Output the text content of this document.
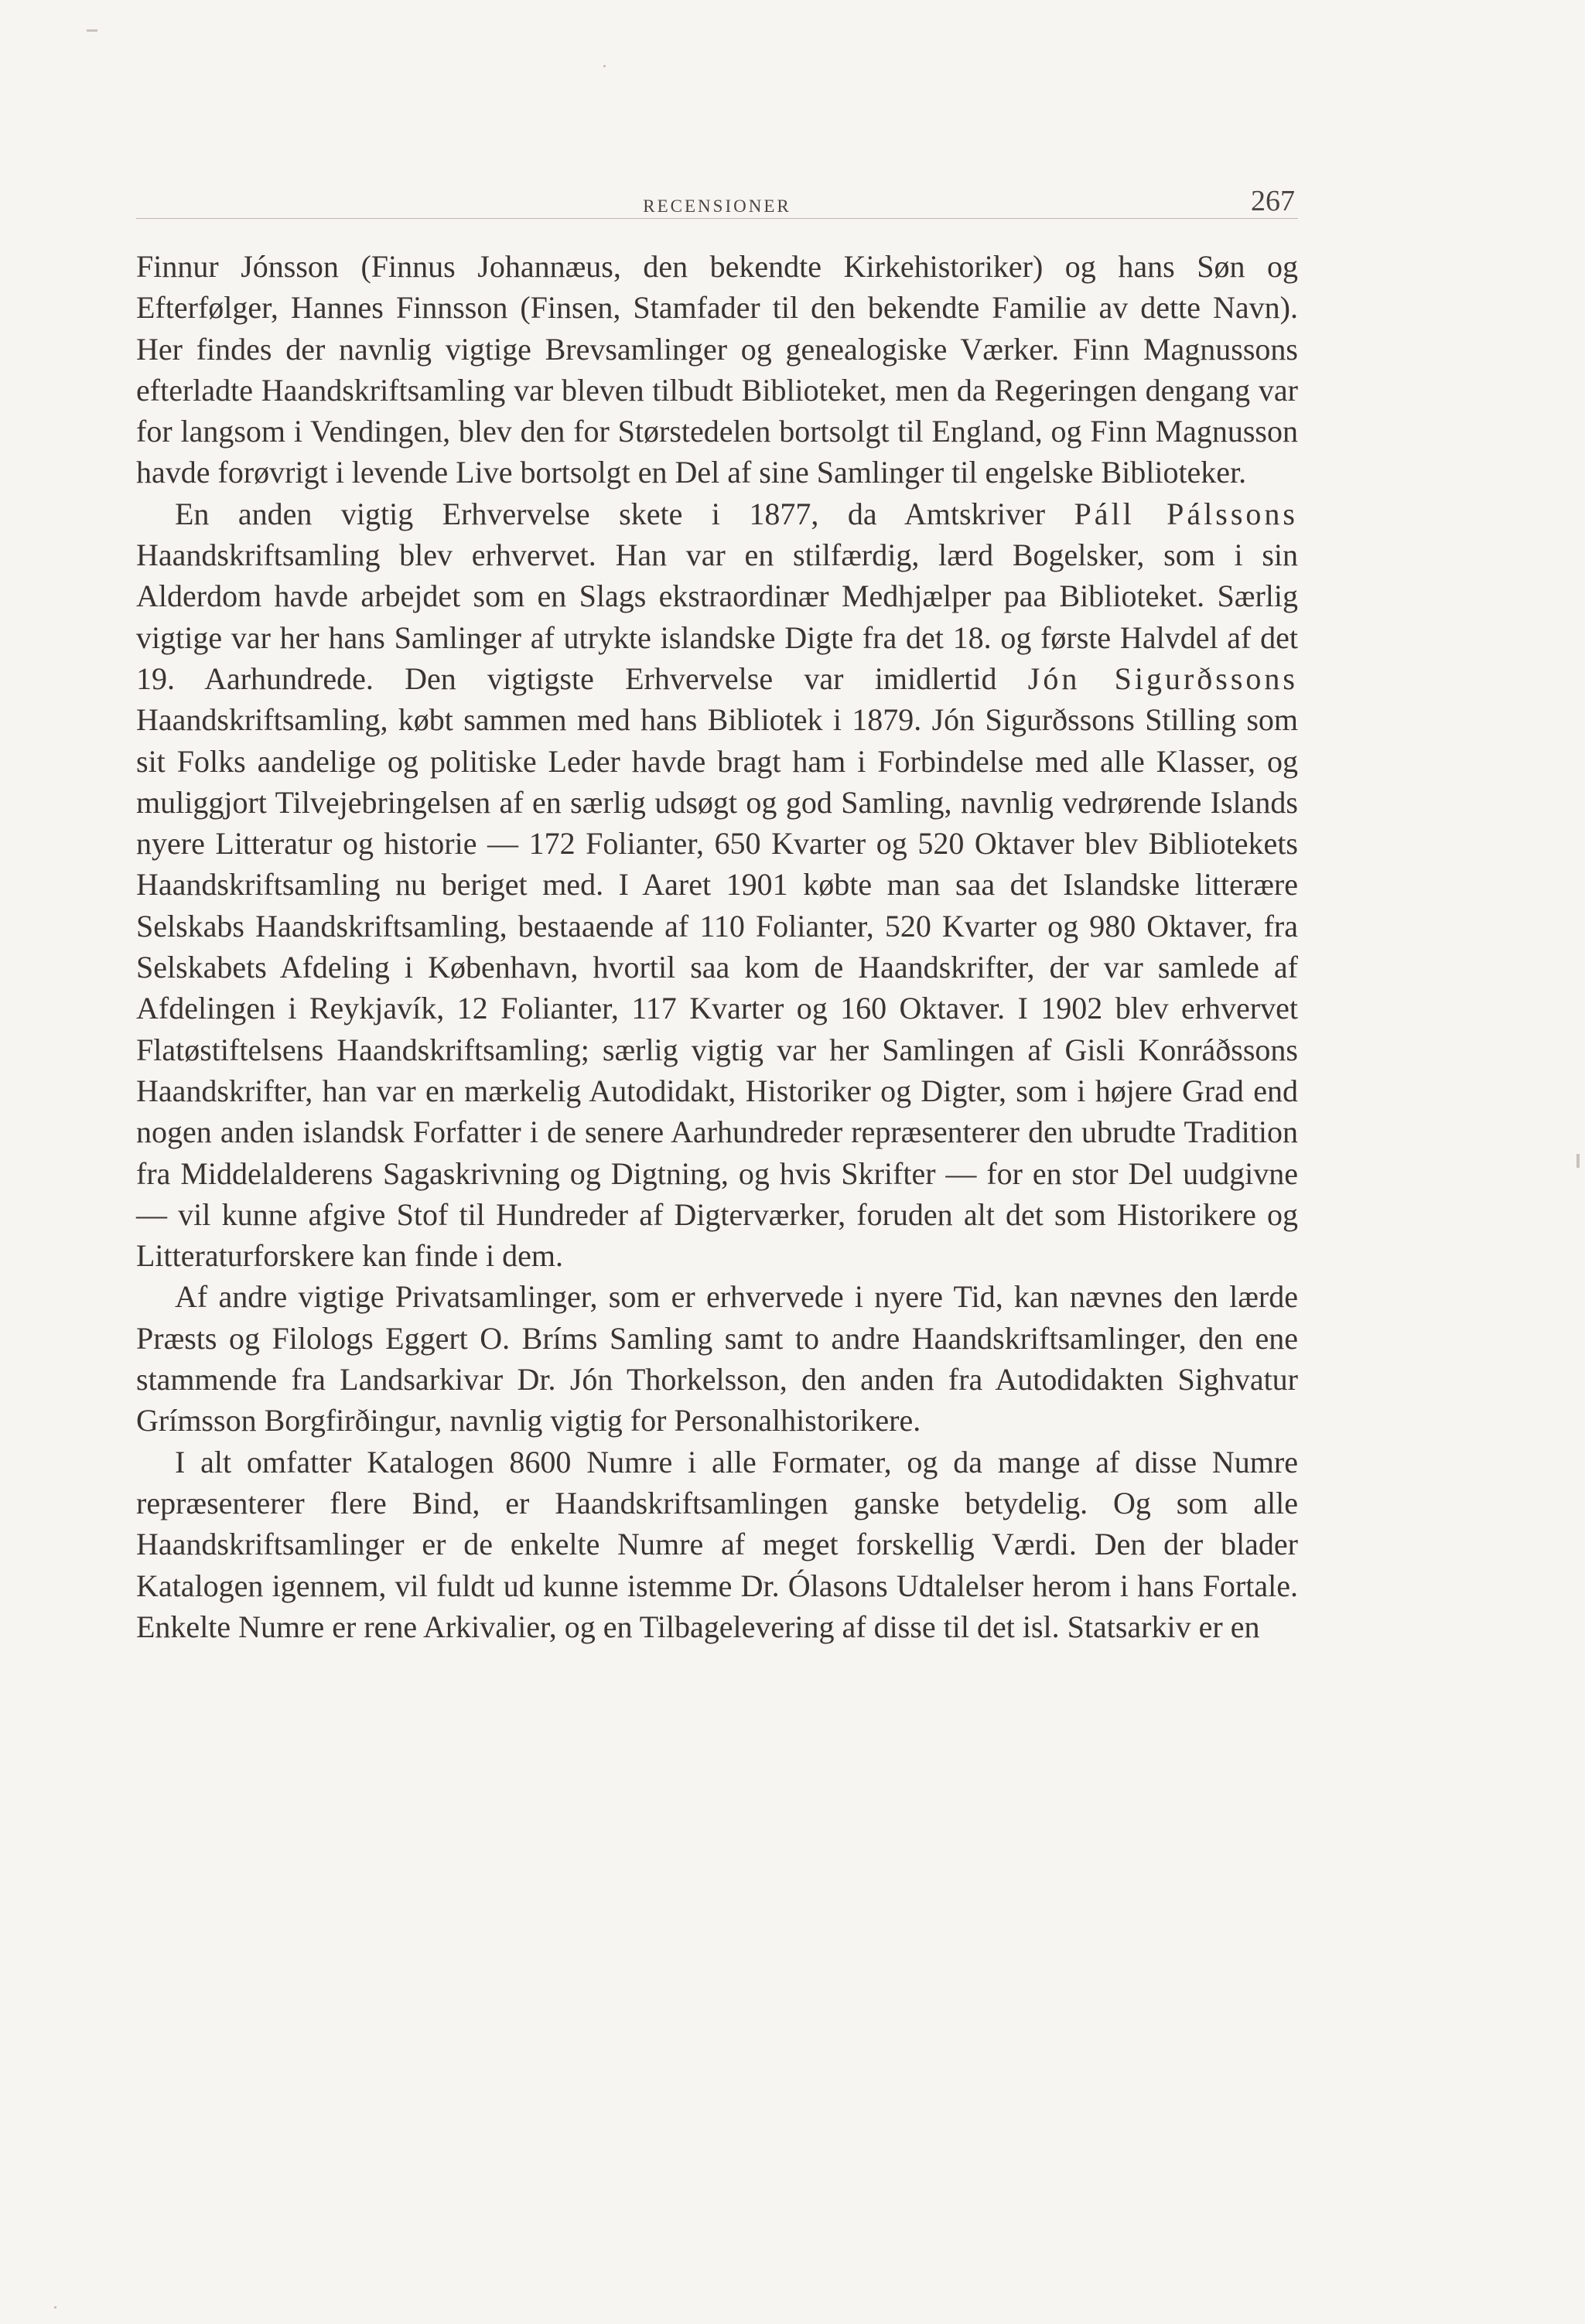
RECENSIONER	267

Finnur Jónsson (Finnus Johannæus, den bekendte Kirkehistoriker) og hans Søn og Efterfølger, Hannes Finnsson (Finsen, Stamfader til den bekendte Familie av dette Navn). Her findes der navnlig vigtige Brevsamlinger og genealogiske Værker. Finn Magnussons efterladte Haandskriftsamling var bleven tilbudt Biblioteket, men da Regeringen dengang var for langsom i Vendingen, blev den for Størstedelen bortsolgt til England, og Finn Magnusson havde forøvrigt i levende Live bortsolgt en Del af sine Samlinger til engelske Biblioteker.

En anden vigtig Erhvervelse skete i 1877, da Amtskriver Páll Pálssons Haandskriftsamling blev erhvervet. Han var en stilfærdig, lærd Bogelsker, som i sin Alderdom havde arbejdet som en Slags ekstraordinær Medhjælper paa Biblioteket. Særlig vigtige var her hans Samlinger af utrykte islandske Digte fra det 18. og første Halvdel af det 19. Aarhundrede. Den vigtigste Erhvervelse var imidlertid Jón Sigurðssons Haandskriftsamling, købt sammen med hans Bibliotek i 1879. Jón Sigurðssons Stilling som sit Folks aandelige og politiske Leder havde bragt ham i Forbindelse med alle Klasser, og muliggjort Tilvejebringelsen af en særlig udsøgt og god Samling, navnlig vedrørende Islands nyere Litteratur og historie — 172 Folianter, 650 Kvarter og 520 Oktaver blev Bibliotekets Haandskriftsamling nu beriget med. I Aaret 1901 købte man saa det Islandske litterære Selskabs Haandskriftsamling, bestaaende af 110 Folianter, 520 Kvarter og 980 Oktaver, fra Selskabets Afdeling i København, hvortil saa kom de Haandskrifter, der var samlede af Afdelingen i Reykjavík, 12 Folianter, 117 Kvarter og 160 Oktaver. I 1902 blev erhvervet Flatøstiftelsens Haandskriftsamling; særlig vigtig var her Samlingen af Gisli Konráðssons Haandskrifter, han var en mærkelig Autodidakt, Historiker og Digter, som i højere Grad end nogen anden islandsk Forfatter i de senere Aarhundreder repræsenterer den ubrudte Tradition fra Middelalderens Sagaskrivning og Digtning, og hvis Skrifter — for en stor Del uudgivne — vil kunne afgive Stof til Hundreder af Digterværker, foruden alt det som Historikere og Litteraturforskere kan finde i dem.

Af andre vigtige Privatsamlinger, som er erhvervede i nyere Tid, kan nævnes den lærde Præsts og Filologs Eggert O. Bríms Samling samt to andre Haandskriftsamlinger, den ene stammende fra Landsarkivar Dr. Jón Thorkelsson, den anden fra Autodidakten Sighvatur Grímsson Borgfirðingur, navnlig vigtig for Personalhistorikere.

I alt omfatter Katalogen 8600 Numre i alle Formater, og da mange af disse Numre repræsenterer flere Bind, er Haandskriftsamlingen ganske betydelig. Og som alle Haandskriftsamlinger er de enkelte Numre af meget forskellig Værdi. Den der blader Katalogen igennem, vil fuldt ud kunne istemme Dr. Ólasons Udtalelser herom i hans Fortale. Enkelte Numre er rene Arkivalier, og en Tilbagelevering af disse til det isl. Statsarkiv er en
